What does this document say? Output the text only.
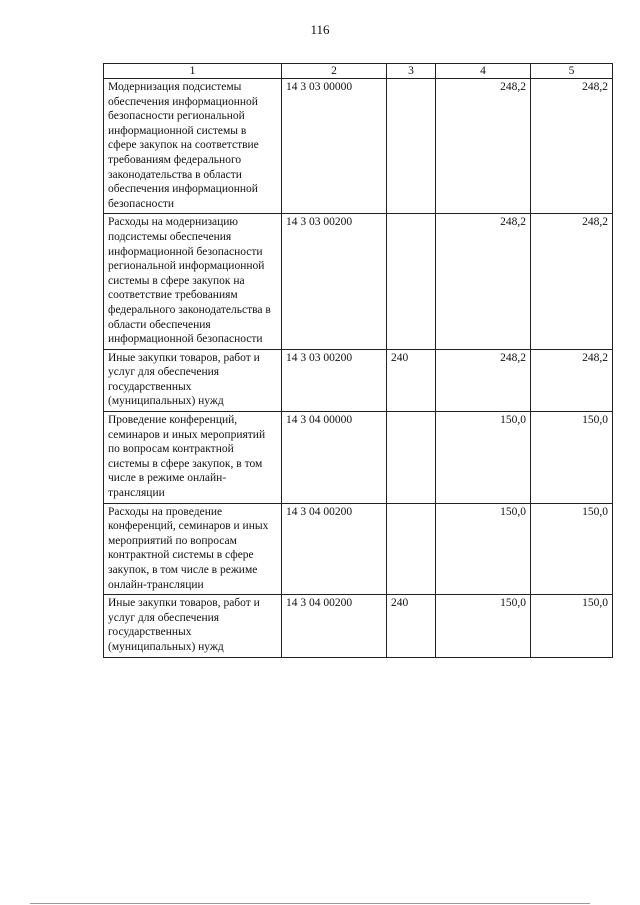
116
1	2	3	4	5
Модернизация подсистемы обеспечения информационной безопасности региональной информационной системы в сфере закупок на соответствие требованиям федерального законодательства в области обеспечения информационной безопасности	14 3 03 00000		248,2	248,2
Расходы на модернизацию подсистемы обеспечения информационной безопасности региональной информационной системы в сфере закупок на соответствие требованиям федерального законодательства в области обеспечения информационной безопасности	14 3 03 00200		248,2	248,2
Иные закупки товаров, работ и услуг для обеспечения государственных (муниципальных) нужд	14 3 03 00200	240	248,2	248,2
Проведение конференций, семинаров и иных мероприятий по вопросам контрактной системы в сфере закупок, в том числе в режиме онлайн-трансляции	14 3 04 00000		150,0	150,0
Расходы на проведение конференций, семинаров и иных мероприятий по вопросам контрактной системы в сфере закупок, в том числе в режиме онлайн-трансляции	14 3 04 00200		150,0	150,0
Иные закупки товаров, работ и услуг для обеспечения государственных (муниципальных) нужд	14 3 04 00200	240	150,0	150,0
